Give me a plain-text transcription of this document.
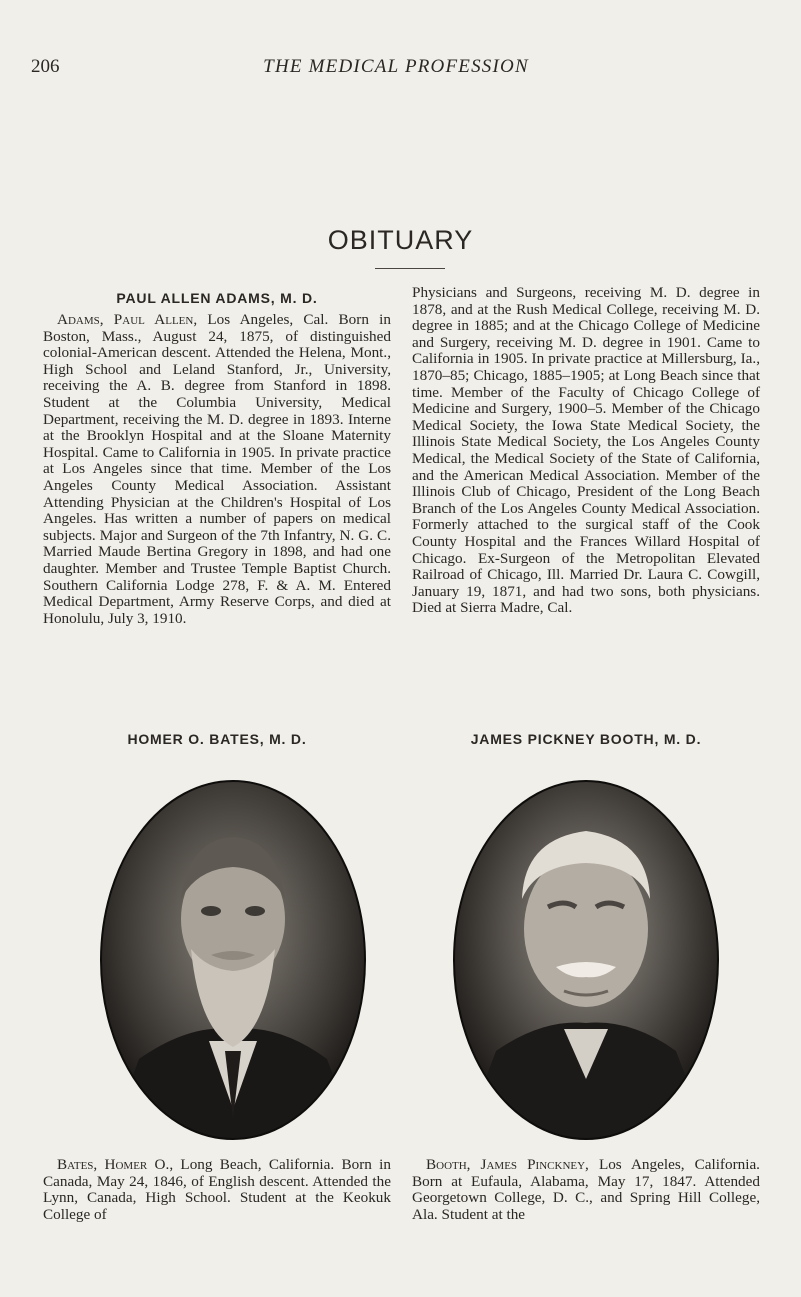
206	THE MEDICAL PROFESSION
OBITUARY
PAUL ALLEN ADAMS, M. D.

Adams, Paul Allen, Los Angeles, Cal. Born in Boston, Mass., August 24, 1875, of distinguished colonial-American descent. Attended the Helena, Mont., High School and Leland Stanford, Jr., University, receiving the A. B. degree from Stanford in 1898. Student at the Columbia University, Medical Department, receiving the M. D. degree in 1893. Interne at the Brooklyn Hospital and at the Sloane Maternity Hospital. Came to California in 1905. In private practice at Los Angeles since that time. Member of the Los Angeles County Medical Association. Assistant Attending Physician at the Children's Hospital of Los Angeles. Has written a number of papers on medical subjects. Major and Surgeon of the 7th Infantry, N. G. C. Married Maude Bertina Gregory in 1898, and had one daughter. Member and Trustee Temple Baptist Church. Southern California Lodge 278, F. & A. M. Entered Medical Department, Army Reserve Corps, and died at Honolulu, July 3, 1910.

Physicians and Surgeons, receiving M. D. degree in 1878, and at the Rush Medical College, receiving M. D. degree in 1885; and at the Chicago College of Medicine and Surgery, receiving M. D. degree in 1901. Came to California in 1905. In private practice at Millersburg, Ia., 1870–85; Chicago, 1885–1905; at Long Beach since that time. Member of the Faculty of Chicago College of Medicine and Surgery, 1900–5. Member of the Chicago Medical Society, the Iowa State Medical Society, the Illinois State Medical Society, the Los Angeles County Medical, the Medical Society of the State of California, and the American Medical Association. Member of the Illinois Club of Chicago, President of the Long Beach Branch of the Los Angeles County Medical Association. Formerly attached to the surgical staff of the Cook County Hospital and the Frances Willard Hospital of Chicago. Ex-Surgeon of the Metropolitan Elevated Railroad of Chicago, Ill. Married Dr. Laura C. Cowgill, January 19, 1871, and had two sons, both physicians. Died at Sierra Madre, Cal.

HOMER O. BATES, M. D.	JAMES PICKNEY BOOTH, M. D.

Bates, Homer O., Long Beach, California. Born in Canada, May 24, 1846, of English descent. Attended the Lynn, Canada, High School. Student at the Keokuk College of

Booth, James Pinckney, Los Angeles, California. Born at Eufaula, Alabama, May 17, 1847. Attended Georgetown College, D. C., and Spring Hill College, Ala. Student at the
